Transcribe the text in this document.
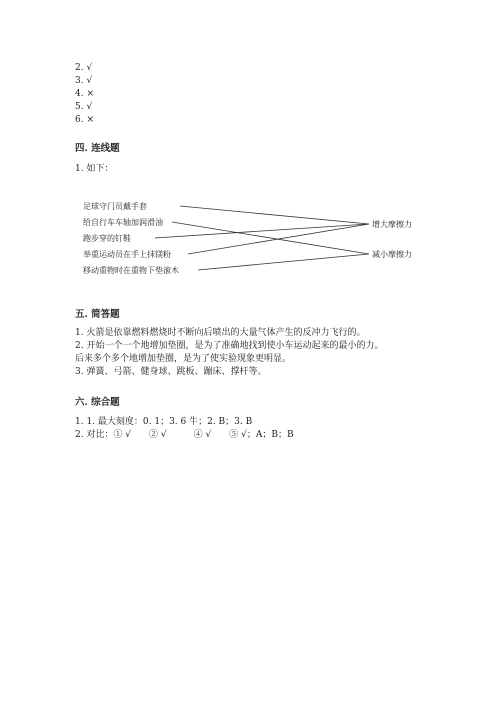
2. √
3. √
4. ×
5. √
6. ×
四. 连线题
1. 如下：
足球守门员戴手套
给自行车车轴加润滑油
跑步穿的钉鞋
举重运动员在手上抹镁粉
移动重物时在重物下垫滚木
增大摩擦力
减小摩擦力
五. 简答题
1. 火箭是依靠燃料燃烧时不断向后喷出的大量气体产生的反冲力飞行的。
2. 开始一个一个地增加垫圈，是为了准确地找到使小车运动起来的最小的力。
后来多个多个地增加垫圈，是为了使实验现象更明显。
3. 弹簧、弓箭、健身球、跳板、蹦床、撑杆等。
六. 综合题
1. 1. 最大刻度：0. 1；3. 6 牛；2. B；3. B
2. 对比：① √　　② √　　　④ √　　⑤ √；A；B；B
